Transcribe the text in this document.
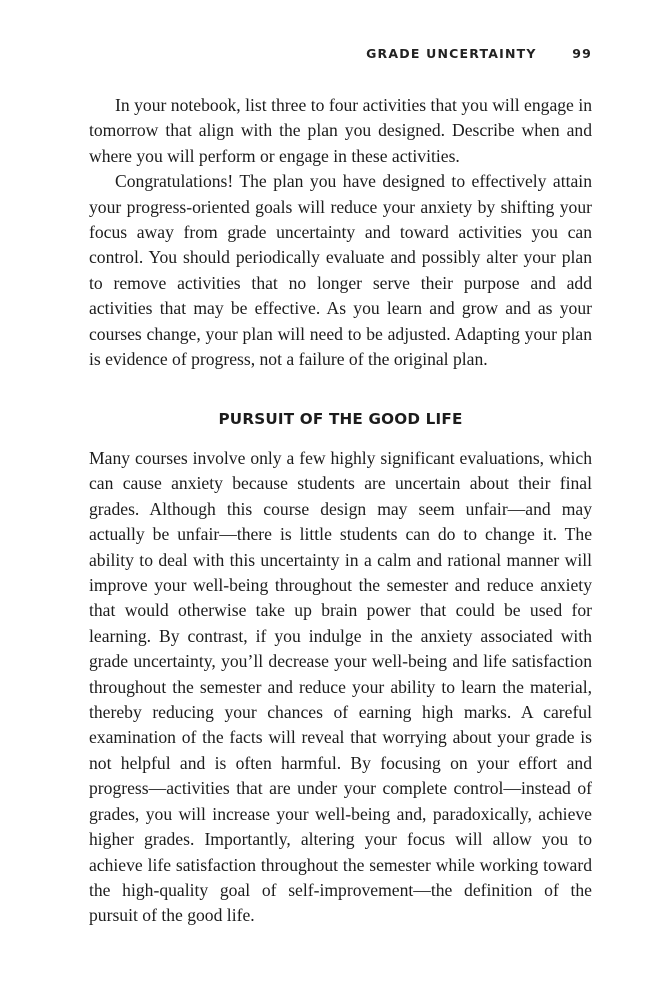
GRADE UNCERTAINTY	99

In your notebook, list three to four activities that you will engage in tomorrow that align with the plan you designed. Describe when and where you will perform or engage in these activities.

Congratulations! The plan you have designed to effectively attain your progress-oriented goals will reduce your anxiety by shifting your focus away from grade uncertainty and toward activities you can control. You should periodically evaluate and possibly alter your plan to remove activities that no longer serve their purpose and add activities that may be effective. As you learn and grow and as your courses change, your plan will need to be adjusted. Adapting your plan is evidence of progress, not a failure of the original plan.

PURSUIT OF THE GOOD LIFE

Many courses involve only a few highly significant evaluations, which can cause anxiety because students are uncertain about their final grades. Although this course design may seem unfair—and may actually be unfair—there is little students can do to change it. The ability to deal with this uncertainty in a calm and rational manner will improve your well-being throughout the semester and reduce anxiety that would otherwise take up brain power that could be used for learning. By contrast, if you indulge in the anxiety associated with grade uncertainty, you’ll decrease your well-being and life satisfaction throughout the semester and reduce your ability to learn the material, thereby reducing your chances of earning high marks. A careful examination of the facts will reveal that worrying about your grade is not helpful and is often harmful. By focusing on your effort and progress—activities that are under your complete control—instead of grades, you will increase your well-being and, paradoxically, achieve higher grades. Importantly, altering your focus will allow you to achieve life satisfaction throughout the semester while working toward the high-quality goal of self-improvement—the definition of the pursuit of the good life.
